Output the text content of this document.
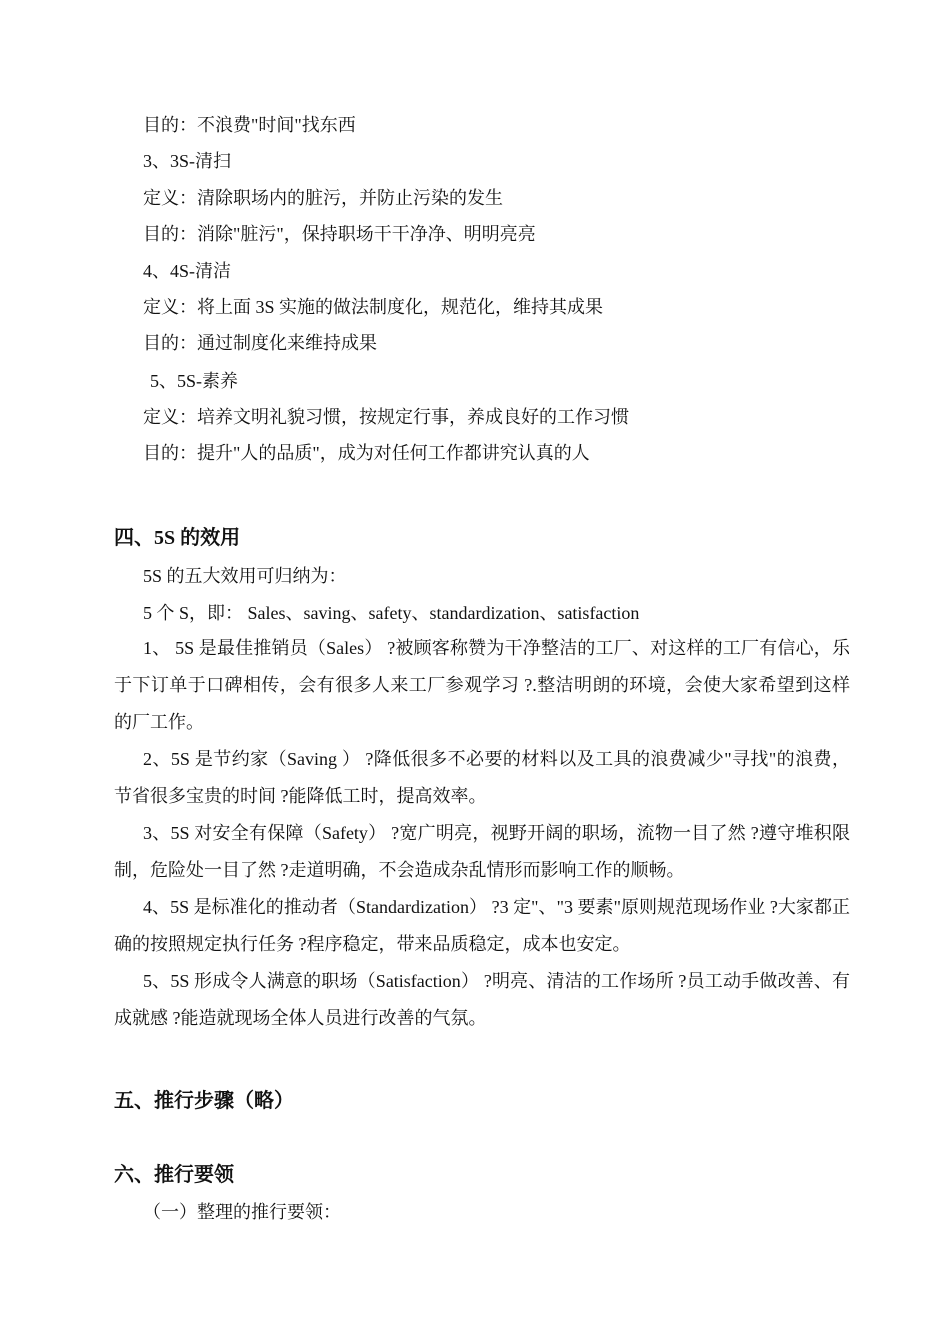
目的：不浪费"时间"找东西
3、3S-清扫
定义：清除职场内的脏污，并防止污染的发生
目的：消除"脏污"，保持职场干干净净、明明亮亮
4、4S-清洁
定义：将上面 3S 实施的做法制度化，规范化，维持其成果
目的：通过制度化来维持成果
5、5S-素养
定义：培养文明礼貌习惯，按规定行事，养成良好的工作习惯
目的：提升"人的品质"，成为对任何工作都讲究认真的人
四、5S 的效用
5S 的五大效用可归纳为：
5 个 S，即： Sales、saving、safety、standardization、satisfaction
1、 5S 是最佳推销员（Sales） ?被顾客称赞为干净整洁的工厂、对这样的工厂有信心，乐于下订单于口碑相传，会有很多人来工厂参观学习 ?.整洁明朗的环境，会使大家希望到这样的厂工作。
2、5S 是节约家（Saving ） ?降低很多不必要的材料以及工具的浪费减少"寻找"的浪费，节省很多宝贵的时间 ?能降低工时，提高效率。
3、5S 对安全有保障（Safety） ?宽广明亮，视野开阔的职场，流物一目了然 ?遵守堆积限制，危险处一目了然 ?走道明确，不会造成杂乱情形而影响工作的顺畅。
4、5S 是标准化的推动者（Standardization） ?3 定"、"3 要素"原则规范现场作业 ?大家都正确的按照规定执行任务 ?程序稳定，带来品质稳定，成本也安定。
5、5S 形成令人满意的职场（Satisfaction） ?明亮、清洁的工作场所 ?员工动手做改善、有成就感 ?能造就现场全体人员进行改善的气氛。
五、推行步骤（略）
六、推行要领
（一）整理的推行要领：
